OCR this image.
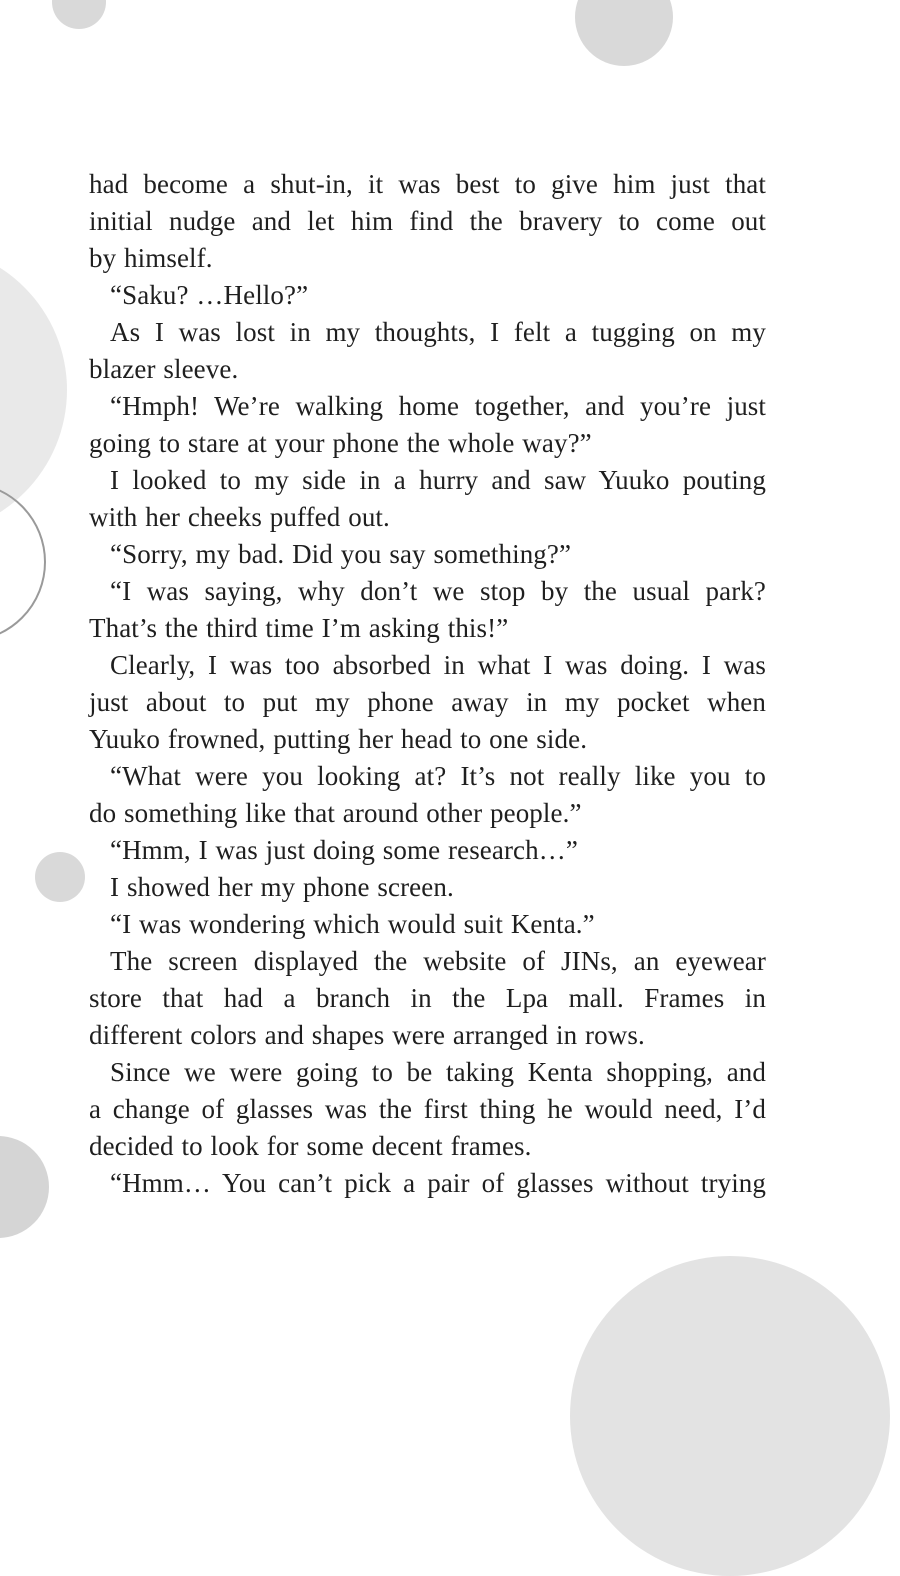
had become a shut-in, it was best to give him just that
initial nudge and let him find the bravery to come out
by himself.
“Saku? …Hello?”
As I was lost in my thoughts, I felt a tugging on my
blazer sleeve.
“Hmph! We’re walking home together, and you’re just
going to stare at your phone the whole way?”
I looked to my side in a hurry and saw Yuuko pouting
with her cheeks puffed out.
“Sorry, my bad. Did you say something?”
“I was saying, why don’t we stop by the usual park?
That’s the third time I’m asking this!”
Clearly, I was too absorbed in what I was doing. I was
just about to put my phone away in my pocket when
Yuuko frowned, putting her head to one side.
“What were you looking at? It’s not really like you to
do something like that around other people.”
“Hmm, I was just doing some research…”
I showed her my phone screen.
“I was wondering which would suit Kenta.”
The screen displayed the website of JINs, an eyewear
store that had a branch in the Lpa mall. Frames in
different colors and shapes were arranged in rows.
Since we were going to be taking Kenta shopping, and
a change of glasses was the first thing he would need, I’d
decided to look for some decent frames.
“Hmm… You can’t pick a pair of glasses without trying
